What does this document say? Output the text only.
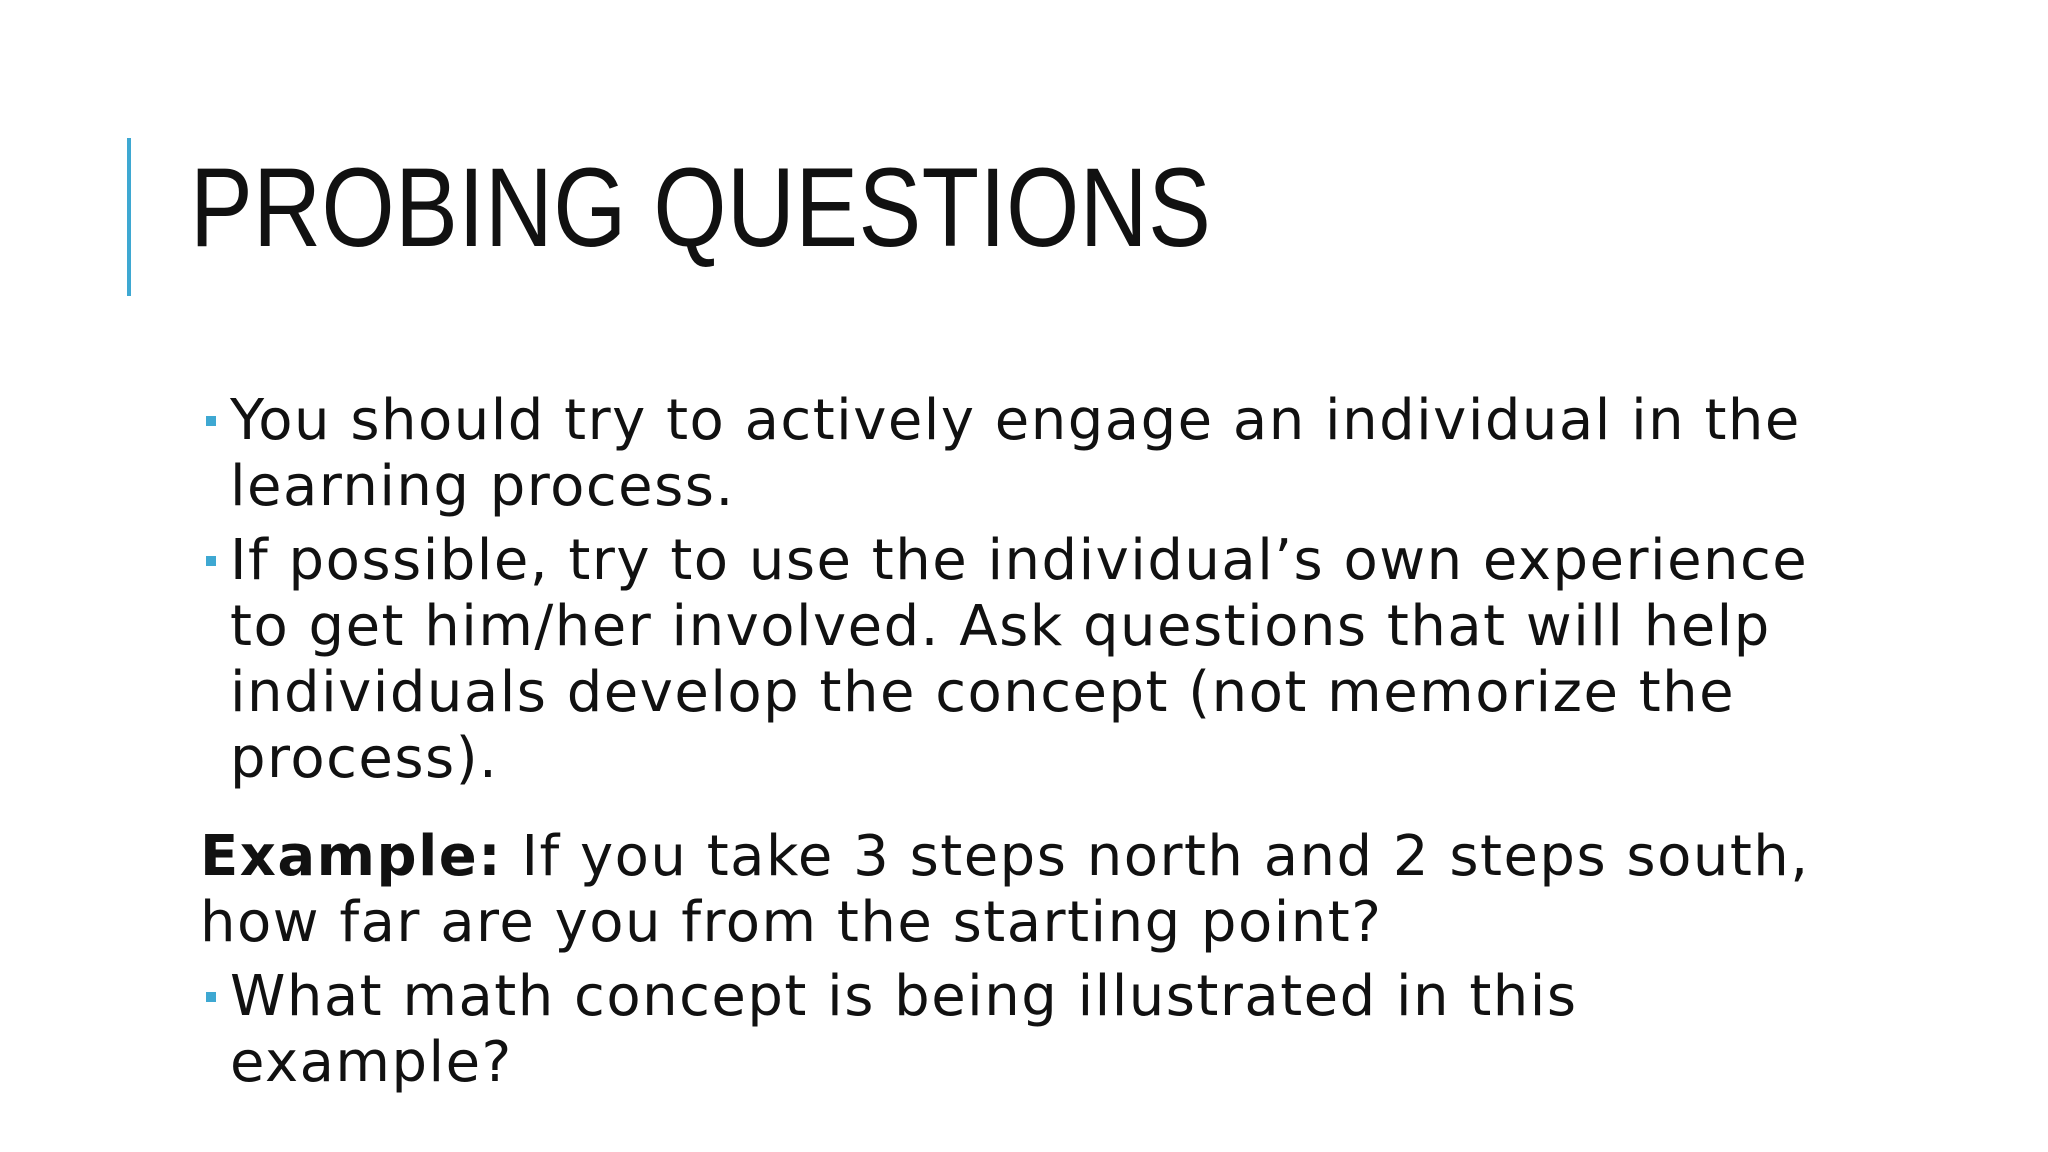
PROBING QUESTIONS
You should try to actively engage an individual in the learning process.
If possible, try to use the individual’s own experience to get him/her involved. Ask questions that will help individuals develop the concept (not memorize the process).
Example: If you take 3 steps north and 2 steps south, how far are you from the starting point?
What math concept is being illustrated in this example?
